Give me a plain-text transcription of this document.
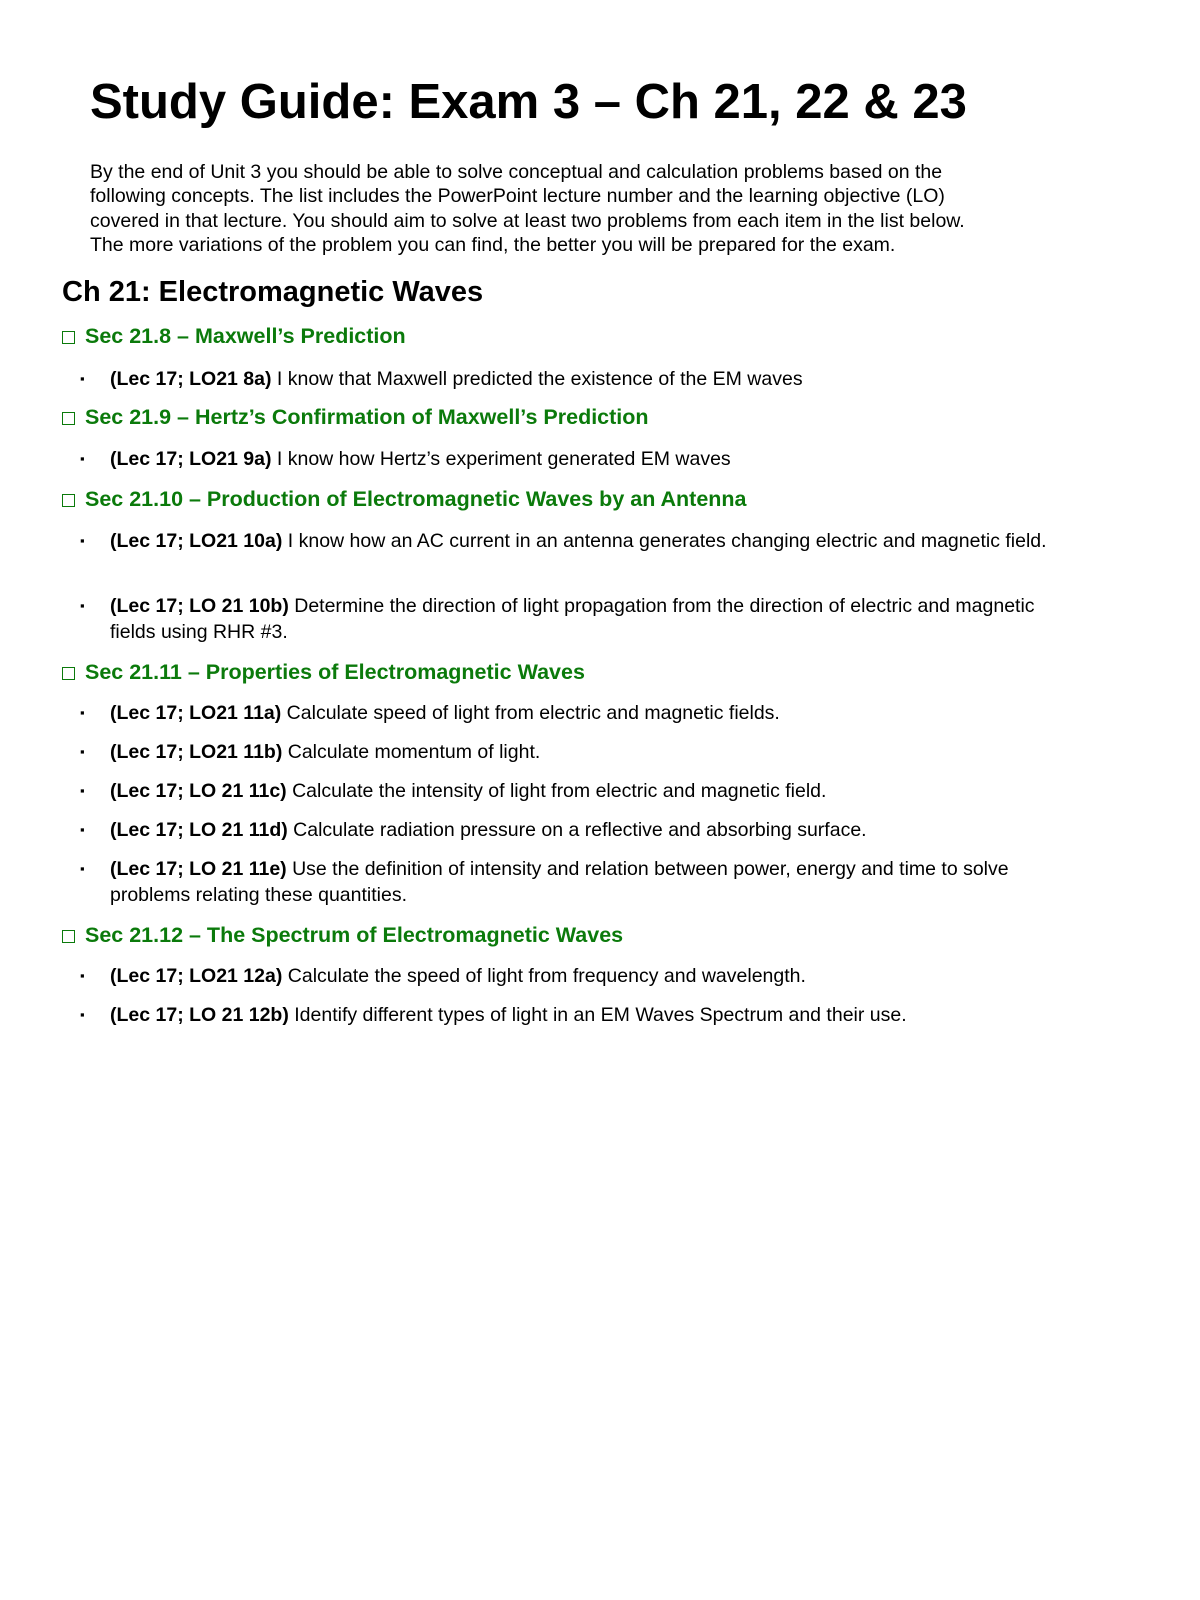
Study Guide: Exam 3 – Ch 21, 22 & 23
By the end of Unit 3 you should be able to solve conceptual and calculation problems based on the
following concepts. The list includes the PowerPoint lecture number and the learning objective (LO)
covered in that lecture. You should aim to solve at least two problems from each item in the list below.
The more variations of the problem you can find, the better you will be prepared for the exam.
Ch 21: Electromagnetic Waves
Sec 21.8 – Maxwell’s Prediction
▪	(Lec 17; LO21 8a) I know that Maxwell predicted the existence of the EM waves
Sec 21.9 – Hertz’s Confirmation of Maxwell’s Prediction
▪	(Lec 17; LO21 9a) I know how Hertz’s experiment generated EM waves
Sec 21.10 – Production of Electromagnetic Waves by an Antenna
▪	(Lec 17; LO21 10a) I know how an AC current in an antenna generates changing electric and magnetic field.
▪	(Lec 17; LO 21 10b) Determine the direction of light propagation from the direction of electric and magnetic fields using RHR #3.
Sec 21.11 – Properties of Electromagnetic Waves
▪	(Lec 17; LO21 11a) Calculate speed of light from electric and magnetic fields.
▪	(Lec 17; LO21 11b) Calculate momentum of light.
▪	(Lec 17; LO 21 11c) Calculate the intensity of light from electric and magnetic field.
▪	(Lec 17; LO 21 11d) Calculate radiation pressure on a reflective and absorbing surface.
▪	(Lec 17; LO 21 11e) Use the definition of intensity and relation between power, energy and time to solve problems relating these quantities.
Sec 21.12 – The Spectrum of Electromagnetic Waves
▪	(Lec 17; LO21 12a) Calculate the speed of light from frequency and wavelength.
▪	(Lec 17; LO 21 12b) Identify different types of light in an EM Waves Spectrum and their use.
